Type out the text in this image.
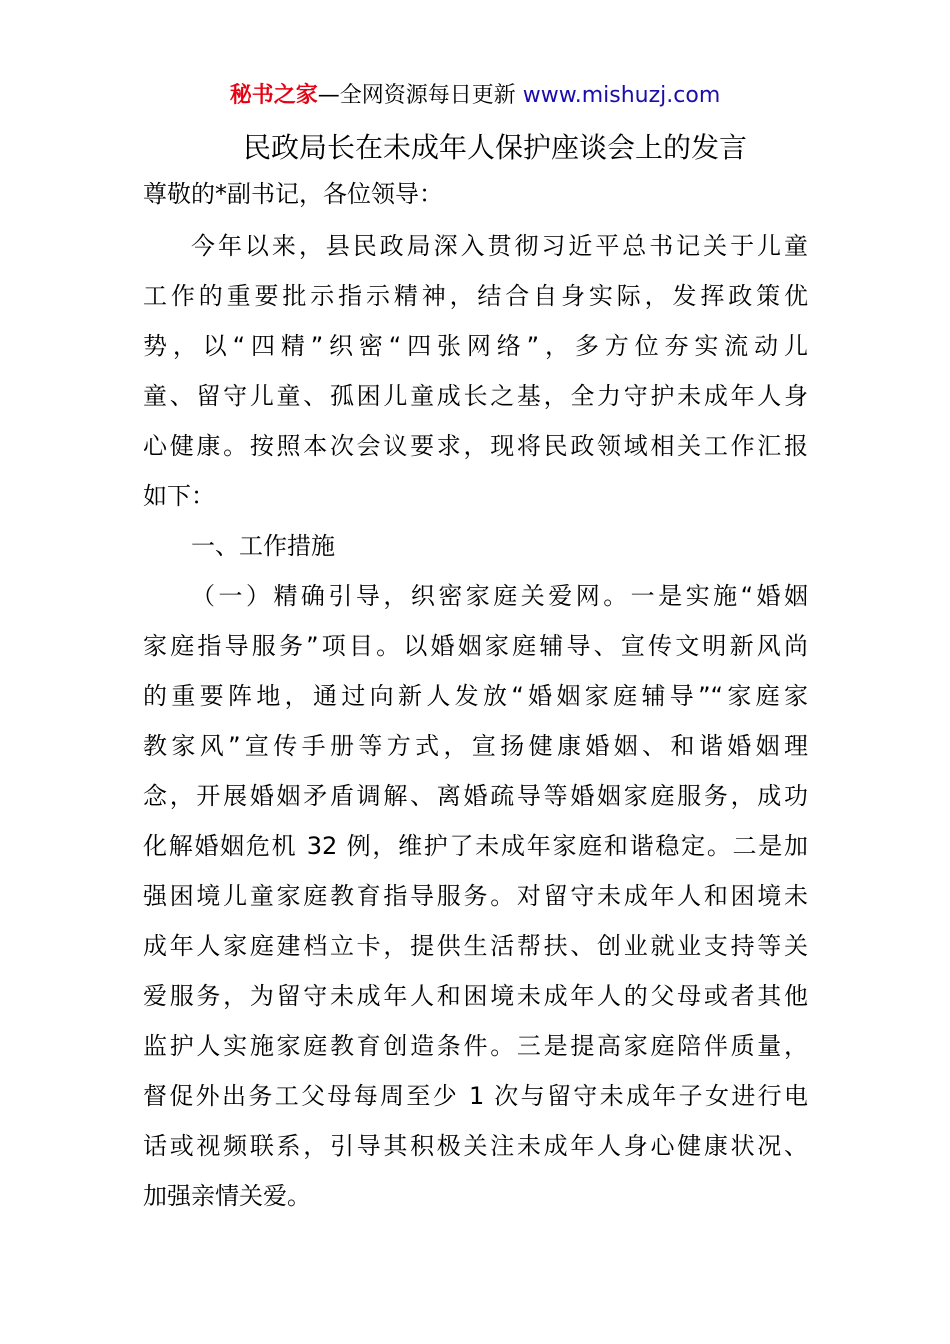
秘书之家—全网资源每日更新 www.mishuzj.com
民政局长在未成年人保护座谈会上的发言
尊敬的*副书记，各位领导：
今年以来，县民政局深入贯彻习近平总书记关于儿童
工作的重要批示指示精神，结合自身实际，发挥政策优
势，以“四精”织密“四张网络”，多方位夯实流动儿
童、留守儿童、孤困儿童成长之基，全力守护未成年人身
心健康。按照本次会议要求，现将民政领域相关工作汇报
如下：
一、工作措施
（一）精确引导，织密家庭关爱网。一是实施“婚姻
家庭指导服务”项目。以婚姻家庭辅导、宣传文明新风尚
的重要阵地，通过向新人发放“婚姻家庭辅导”“家庭家
教家风”宣传手册等方式，宣扬健康婚姻、和谐婚姻理
念，开展婚姻矛盾调解、离婚疏导等婚姻家庭服务，成功
化解婚姻危机 32 例，维护了未成年家庭和谐稳定。二是加
强困境儿童家庭教育指导服务。对留守未成年人和困境未
成年人家庭建档立卡，提供生活帮扶、创业就业支持等关
爱服务，为留守未成年人和困境未成年人的父母或者其他
监护人实施家庭教育创造条件。三是提高家庭陪伴质量，
督促外出务工父母每周至少 1 次与留守未成年子女进行电
话或视频联系，引导其积极关注未成年人身心健康状况、
加强亲情关爱。
